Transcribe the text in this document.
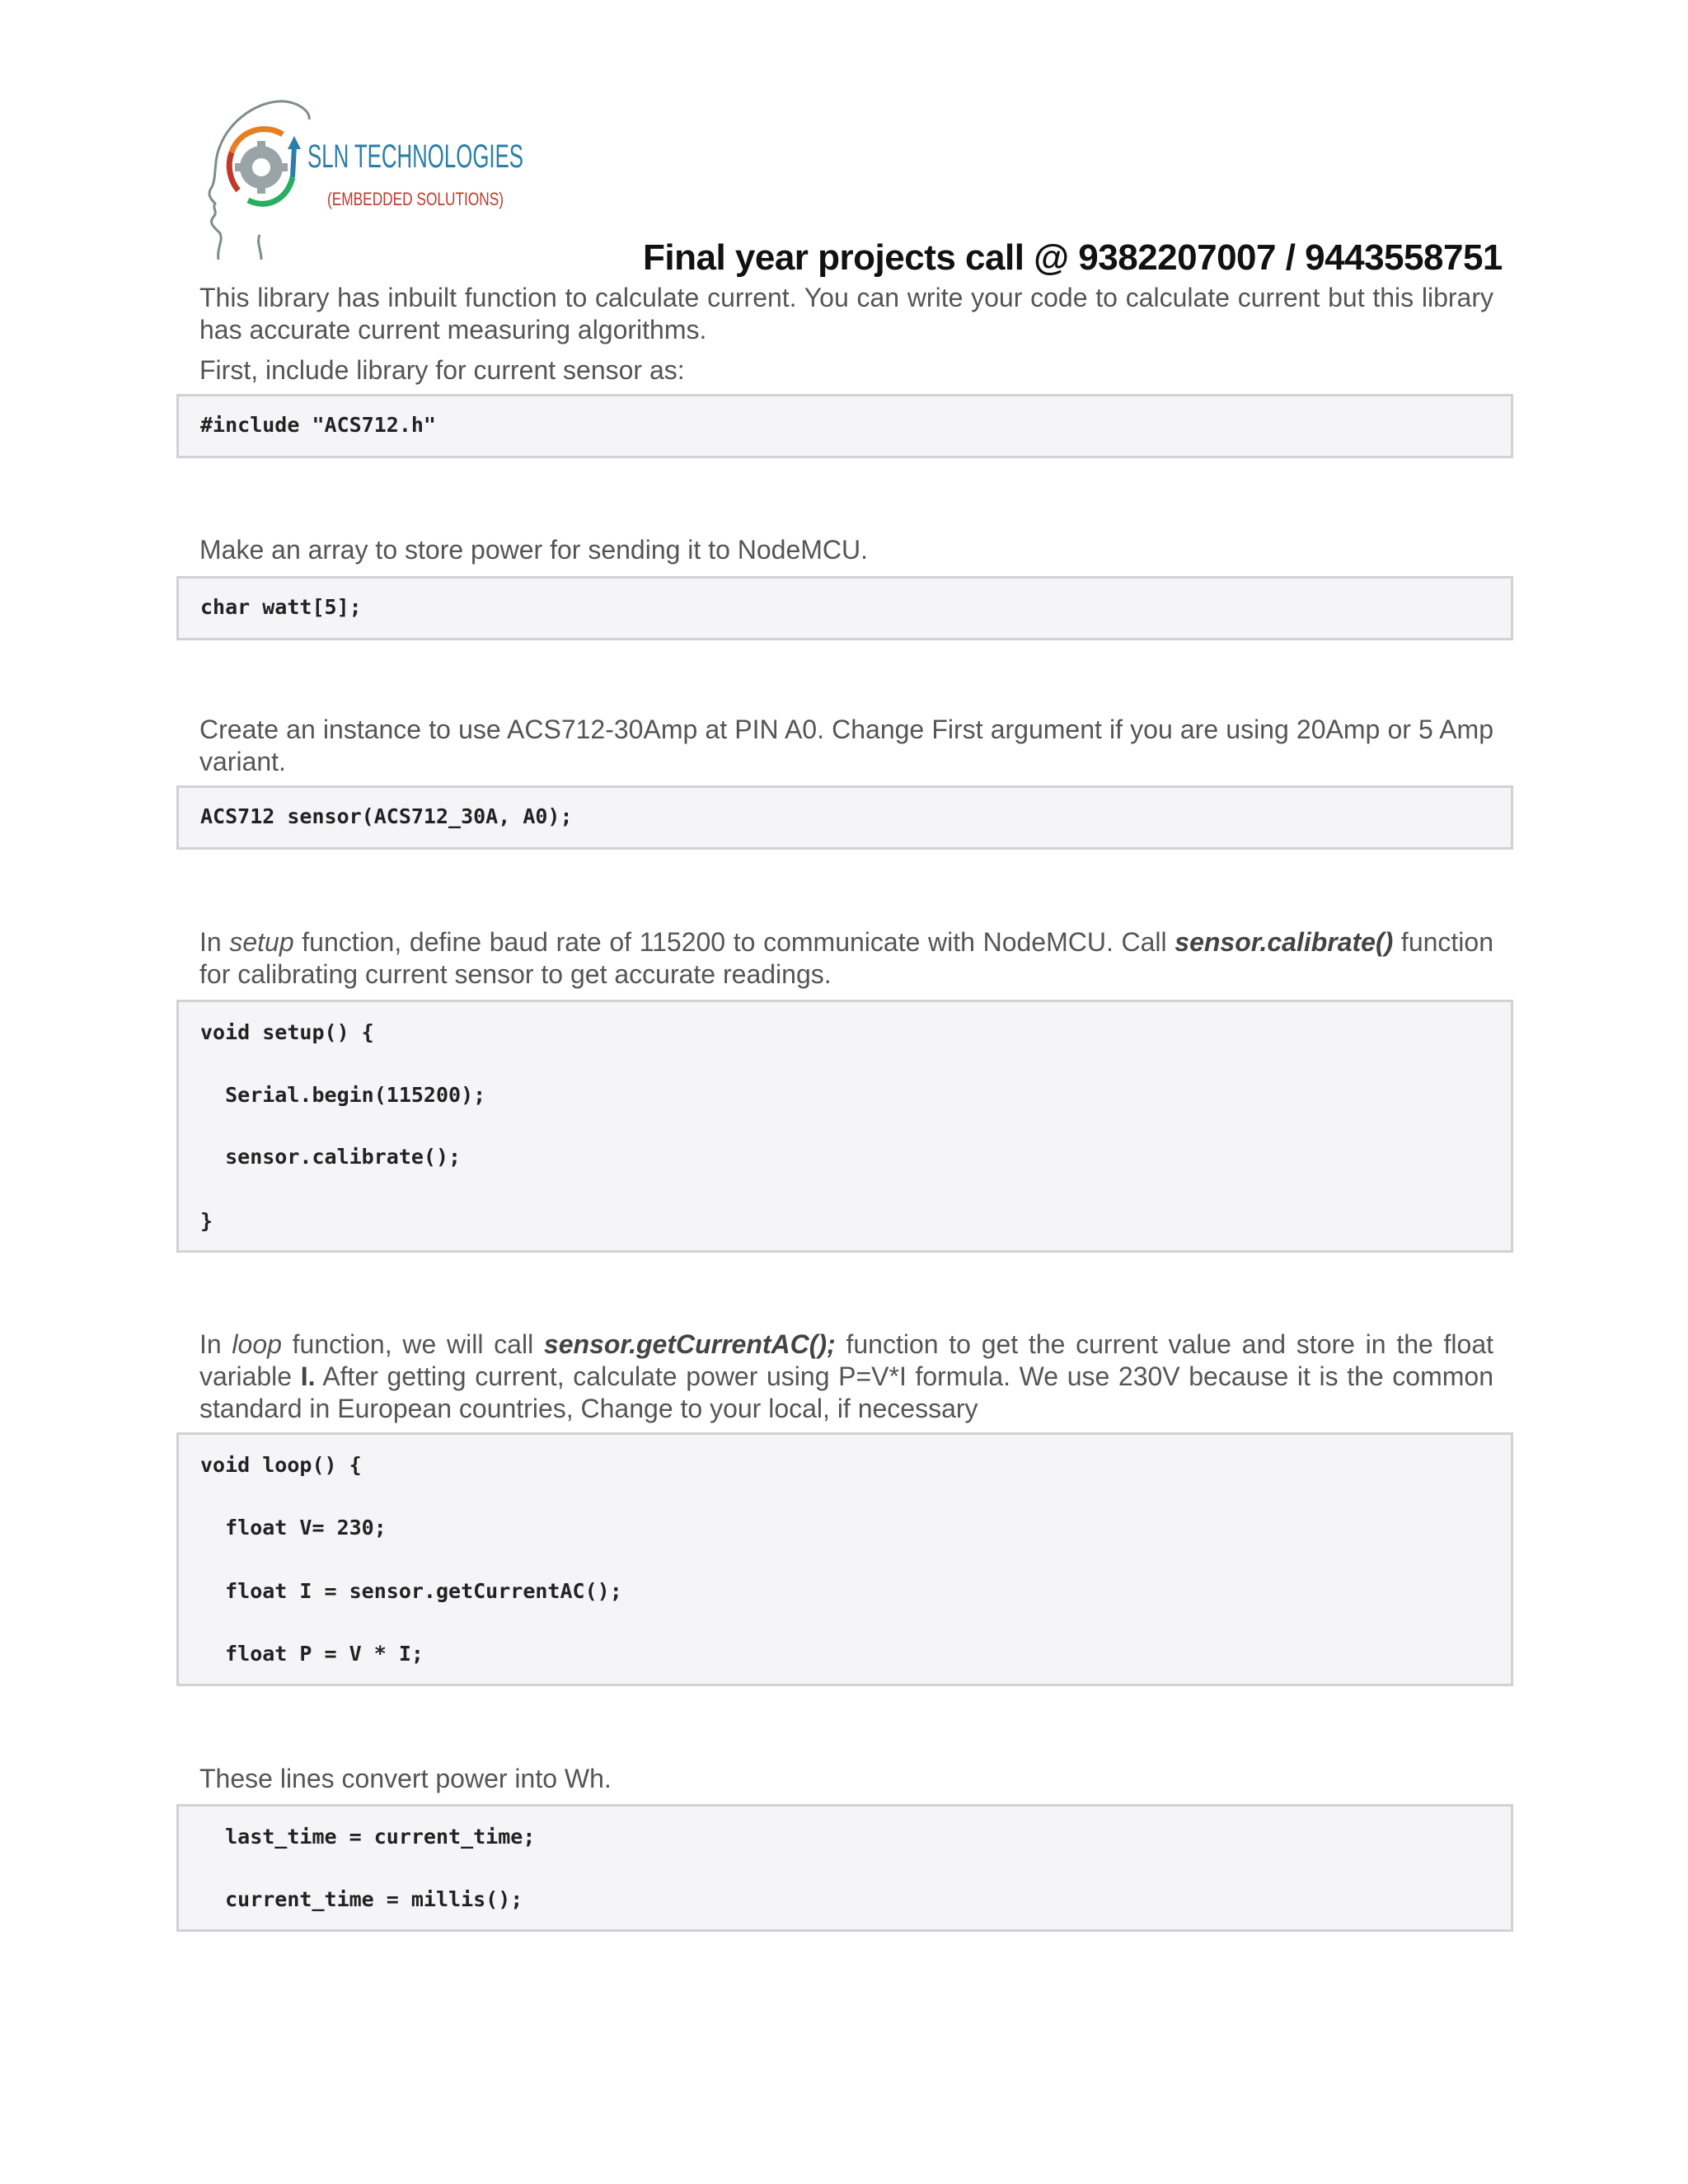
SLN TECHNOLOGIES
(EMBEDDED SOLUTIONS)
Final year projects call @ 9382207007 / 9443558751
This library has inbuilt function to calculate current. You can write your code to calculate current but this library has accurate current measuring algorithms.
First, include library for current sensor as:
#include "ACS712.h"
Make an array to store power for sending it to NodeMCU.
char watt[5];
Create an instance to use ACS712-30Amp at PIN A0. Change First argument if you are using 20Amp or 5 Amp variant.
ACS712 sensor(ACS712_30A, A0);
In setup function, define baud rate of 115200 to communicate with NodeMCU. Call sensor.calibrate() function for calibrating current sensor to get accurate readings.
void setup() {
Serial.begin(115200);
sensor.calibrate();
}
In loop function, we will call sensor.getCurrentAC(); function to get the current value and store in the float variable I. After getting current, calculate power using P=V*I formula. We use 230V because it is the common standard in European countries, Change to your local, if necessary
void loop() {
float V= 230;
float I = sensor.getCurrentAC();
float P = V * I;
These lines convert power into Wh.
last_time = current_time;
current_time = millis();
